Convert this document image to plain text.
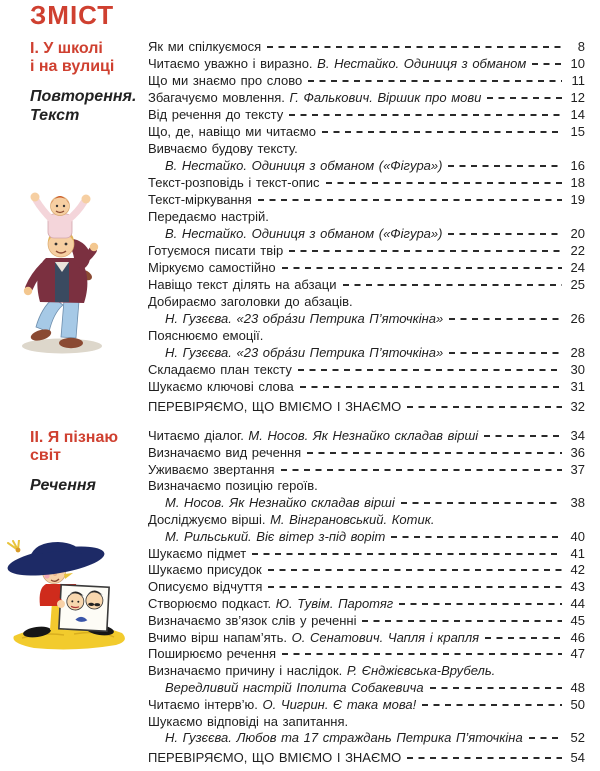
ЗМІСТ
І. У школі
і на вулиці
Повторення.
Текст
ІІ. Я пізнаю
світ
Речення
Як ми спілкуємося	8
Читаємо уважно і виразно. В. Нестайко. Одиниця з обманом	10
Що ми знаємо про слово	11
Збагачуємо мовлення. Г. Фалькович. Віршик про мови	12
Від речення до тексту	14
Що, де, навіщо ми читаємо	15
Вивчаємо будову тексту.
В. Нестайко. Одиниця з обманом («Фігура»)	16
Текст-розповідь і текст-опис	18
Текст-міркування	19
Передаємо настрій.
В. Нестайко. Одиниця з обманом («Фігура»)	20
Готуємося писати твір	22
Міркуємо самостійно	24
Навіщо текст ділять на абзаци	25
Добираємо заголовки до абзаців.
Н. Гузєєва. «23 обра́зи Петрика П’яточкіна»	26
Пояснюємо емоції.
Н. Гузєєва. «23 обра́зи Петрика П’яточкіна»	28
Складаємо план тексту	30
Шукаємо ключові слова	31
ПЕРЕВІРЯЄМО, ЩО ВМІЄМО І ЗНАЄМО	32
Читаємо діалог. М. Носов. Як Незнайко складав вірші	34
Визначаємо вид речення	36
Уживаємо звертання	37
Визначаємо позицію героїв.
М. Носов. Як Незнайко складав вірші	38
Досліджуємо вірші. М. Вінграновський. Котик.
М. Рильський. Віє вітер з-під воріт	40
Шукаємо підмет	41
Шукаємо присудок	42
Описуємо відчуття	43
Створюємо подкаст. Ю. Тувім. Паротяг	44
Визначаємо зв’язок слів у реченні	45
Вчимо вірш напам’ять. О. Сенатович. Чапля і крапля	46
Поширюємо речення	47
Визначаємо причину і наслідок. Р. Єнджієвська-Врубель.
Вередливий настрій Іполита Собакевича	48
Читаємо інтерв’ю. О. Чигрин. Є така мова!	50
Шукаємо відповіді на запитання.
Н. Гузєєва. Любов та 17 страждань Петрика П’яточкіна	52
ПЕРЕВІРЯЄМО, ЩО ВМІЄМО І ЗНАЄМО	54
